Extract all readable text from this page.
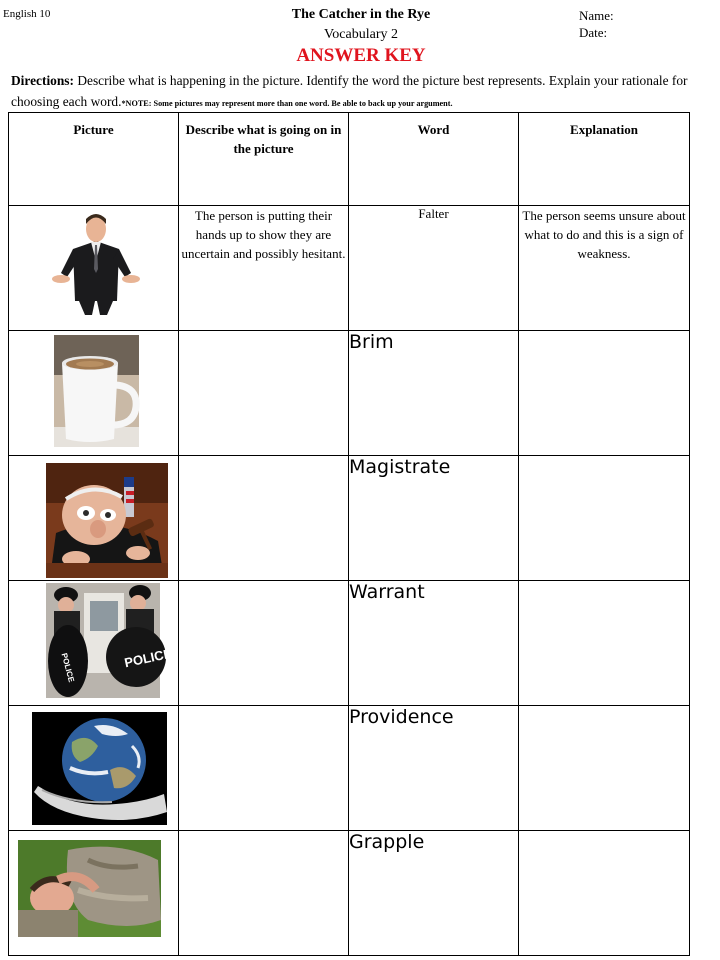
English 10	The Catcher in the Rye
Vocabulary 2
ANSWER KEY
Name:
Date:
Directions: Describe what is happening in the picture. Identify the word the picture best represents. Explain your rationale for choosing each word.*NOTE: Some pictures may represent more than one word. Be able to back up your argument.
Picture	Describe what is going on in the picture	Word	Explanation

	The person is putting their hands up to show they are uncertain and possibly hesitant.	Falter	The person seems unsure about what to do and this is a sign of weakness.

		Brim	

		Magistrate	

POLICE
POLICE		Warrant	

		Providence	

		Grapple	
